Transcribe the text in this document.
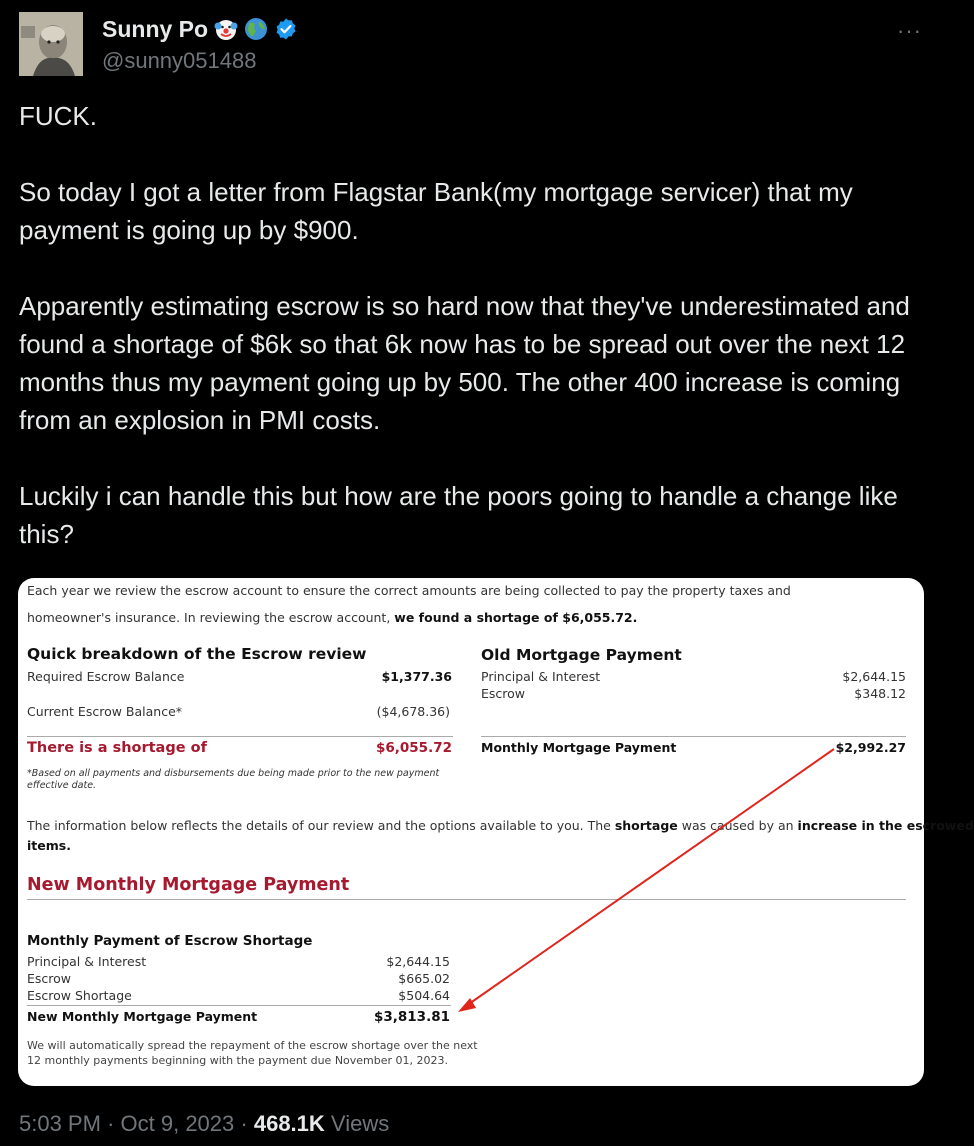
Sunny Po
@sunny051488
···

FUCK.

So today I got a letter from Flagstar Bank(my mortgage servicer) that my payment is going up by $900.

Apparently estimating escrow is so hard now that they've underestimated and found a shortage of $6k so that 6k now has to be spread out over the next 12 months thus my payment going up by 500. The other 400 increase is coming from an explosion in PMI costs.

Luckily i can handle this but how are the poors going to handle a change like this?

Each year we review the escrow account to ensure the correct amounts are being collected to pay the property taxes and
homeowner's insurance. In reviewing the escrow account, we found a shortage of $6,055.72.
Quick breakdown of the Escrow review
Required Escrow Balance	$1,377.36
Current Escrow Balance*	($4,678.36)
There is a shortage of	$6,055.72
*Based on all payments and disbursements due being made prior to the new payment effective date.
Old Mortgage Payment
Principal & Interest	$2,644.15
Escrow	$348.12
Monthly Mortgage Payment	$2,992.27
The information below reflects the details of our review and the options available to you. The shortage was caused by an increase in the escrowed
items.
New Monthly Mortgage Payment
Monthly Payment of Escrow Shortage
Principal & Interest	$2,644.15
Escrow	$665.02
Escrow Shortage	$504.64
New Monthly Mortgage Payment	$3,813.81
We will automatically spread the repayment of the escrow shortage over the next
12 monthly payments beginning with the payment due November 01, 2023.
5:03 PM · Oct 9, 2023 · 468.1K Views
